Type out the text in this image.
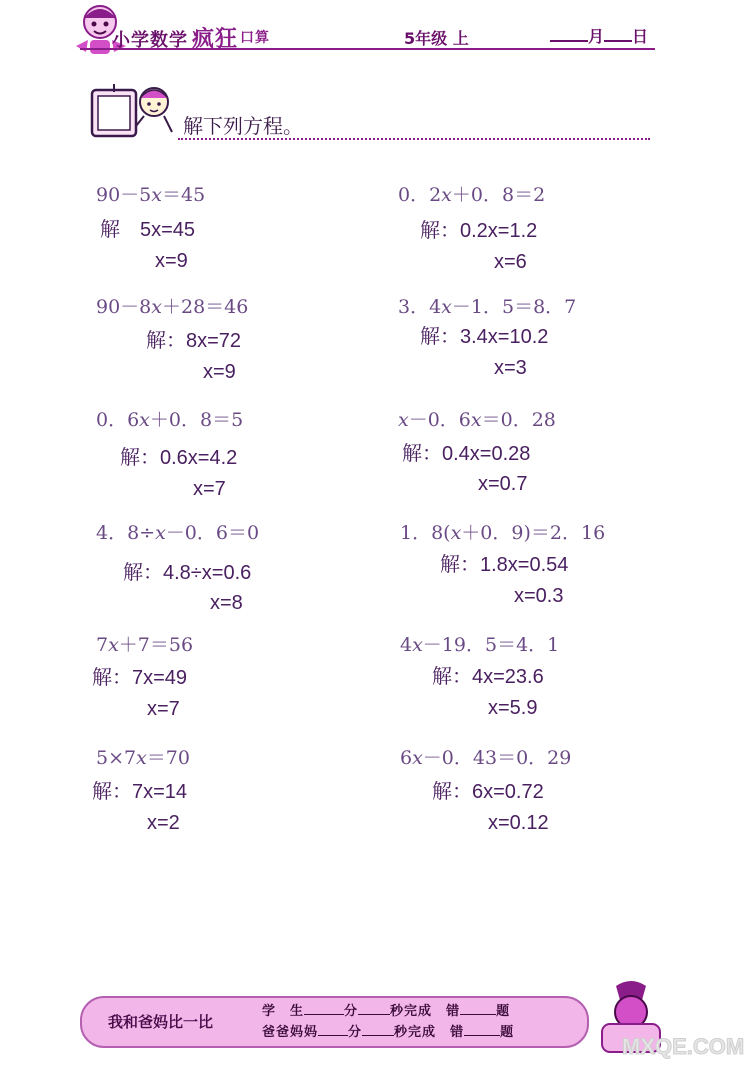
小学数学 疯狂 $^{口算}$	5年级 上	月 日
解下列方程。
90－5𝑥＝45
解　5x=45
x=9
90－8𝑥＋28＝46
解：8x=72
x=9
0．6𝑥＋0．8＝5
解：0.6x=4.2
x=7
4．8÷𝑥－0．6＝0
解：4.8÷x=0.6
x=8
7𝑥＋7＝56
解：7x=49
x=7
5×7𝑥＝70
解：7x=14
x=2
0．2𝑥＋0．8＝2
解：0.2x=1.2
x=6
3．4𝑥－1．5＝8．7
解：3.4x=10.2
x=3
𝑥－0．6𝑥＝0．28
解：0.4x=0.28
x=0.7
1．8(𝑥＋0．9)＝2．16
解：1.8x=0.54
x=0.3
4𝑥－19．5＝4．1
解：4x=23.6
x=5.9
6𝑥－0．43＝0．29
解：6x=0.72
x=0.12
我和爸妈比一比
学　生	分 秒完成　 错	题
爸爸妈妈 分 秒完成　 错	题
MXQE.COM
